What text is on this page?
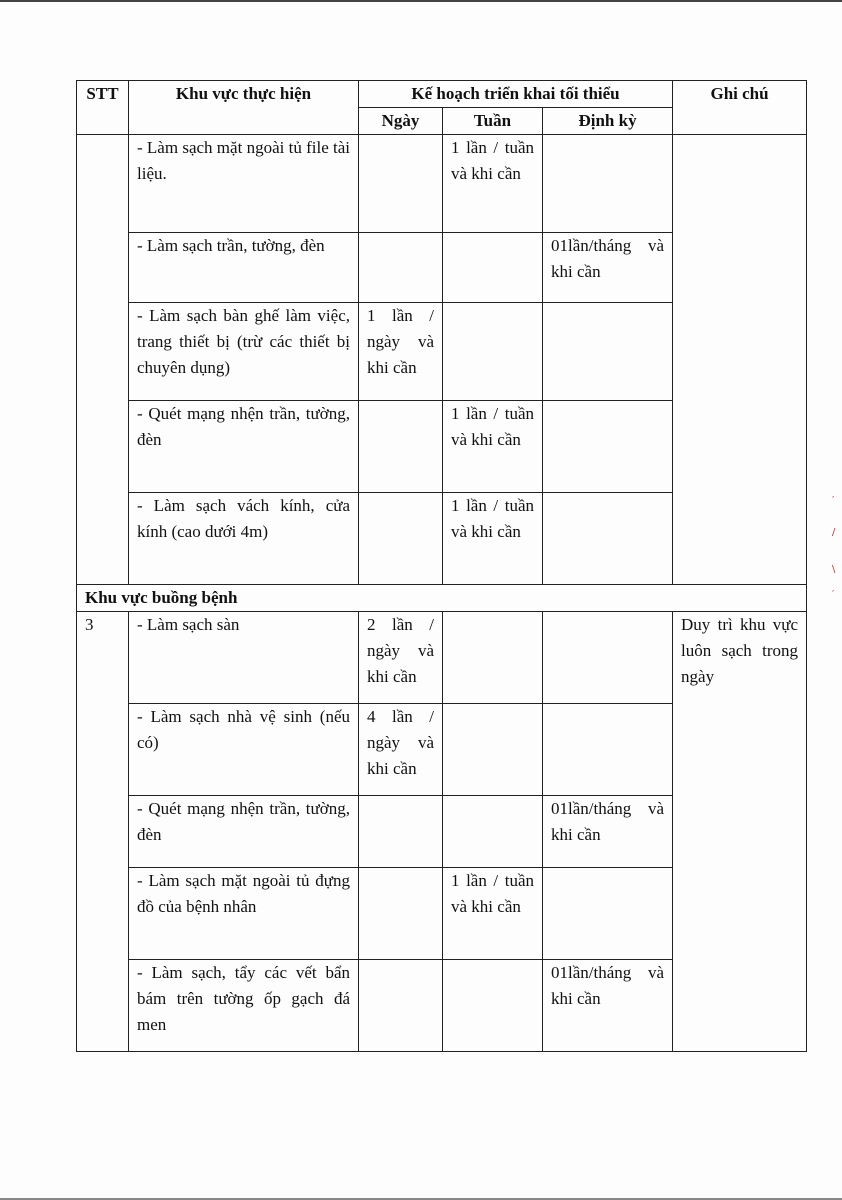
STT	Khu vực thực hiện	Kế hoạch triển khai tối thiểu			Ghi chú
		Ngày	Tuần	Định kỳ	
	- Làm sạch mặt ngoài tủ file tài liệu.		1 lần / tuần và khi cần		
	- Làm sạch trần, tường, đèn			01lần/tháng và khi cần	
	- Làm sạch bàn ghế làm việc, trang thiết bị (trừ các thiết bị chuyên dụng)	1 lần / ngày và khi cần			
	- Quét mạng nhện trần, tường, đèn		1 lần / tuần và khi cần		
	- Làm sạch vách kính, cửa kính (cao dưới 4m)		1 lần / tuần và khi cần		
Khu vực buồng bệnh					
3	- Làm sạch sàn	2 lần / ngày và khi cần			Duy trì khu vực luôn sạch trong ngày
	- Làm sạch nhà vệ sinh (nếu có)	4 lần / ngày và khi cần			
	- Quét mạng nhện trần, tường, đèn			01lần/tháng và khi cần	
	- Làm sạch mặt ngoài tủ đựng đồ của bệnh nhân		1 lần / tuần và khi cần		
	- Làm sạch, tẩy các vết bẩn bám trên tường ốp gạch đá men			01lần/tháng và khi cần	
′
/
\
′
